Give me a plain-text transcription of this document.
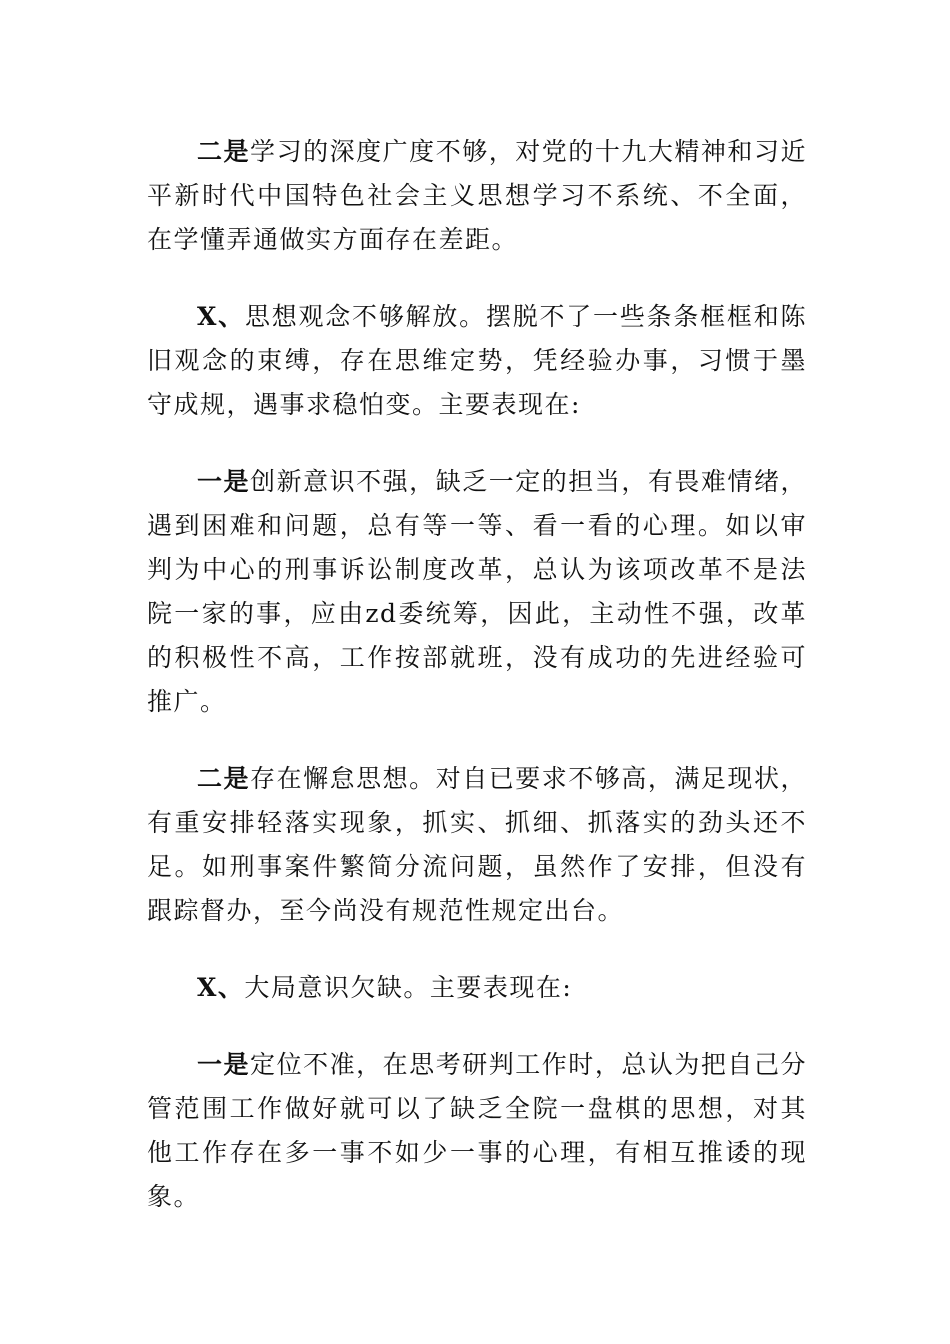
二是学习的深度广度不够，对党的十九大精神和习近平新时代中国特色社会主义思想学习不系统、不全面，在学懂弄通做实方面存在差距。

X、思想观念不够解放。摆脱不了一些条条框框和陈旧观念的束缚，存在思维定势，凭经验办事，习惯于墨守成规，遇事求稳怕变。主要表现在:

一是创新意识不强，缺乏一定的担当，有畏难情绪，遇到困难和问题，总有等一等、看一看的心理。如以审判为中心的刑事诉讼制度改革，总认为该项改革不是法院一家的事，应由zd委统筹，因此，主动性不强，改革的积极性不高，工作按部就班，没有成功的先进经验可推广。

二是存在懈怠思想。对自已要求不够高，满足现状，有重安排轻落实现象，抓实、抓细、抓落实的劲头还不足。如刑事案件繁简分流问题，虽然作了安排，但没有跟踪督办，至今尚没有规范性规定出台。

X、大局意识欠缺。主要表现在:

一是定位不准，在思考研判工作时，总认为把自己分管范围工作做好就可以了缺乏全院一盘棋的思想，对其他工作存在多一事不如少一事的心理，有相互推诿的现象。
